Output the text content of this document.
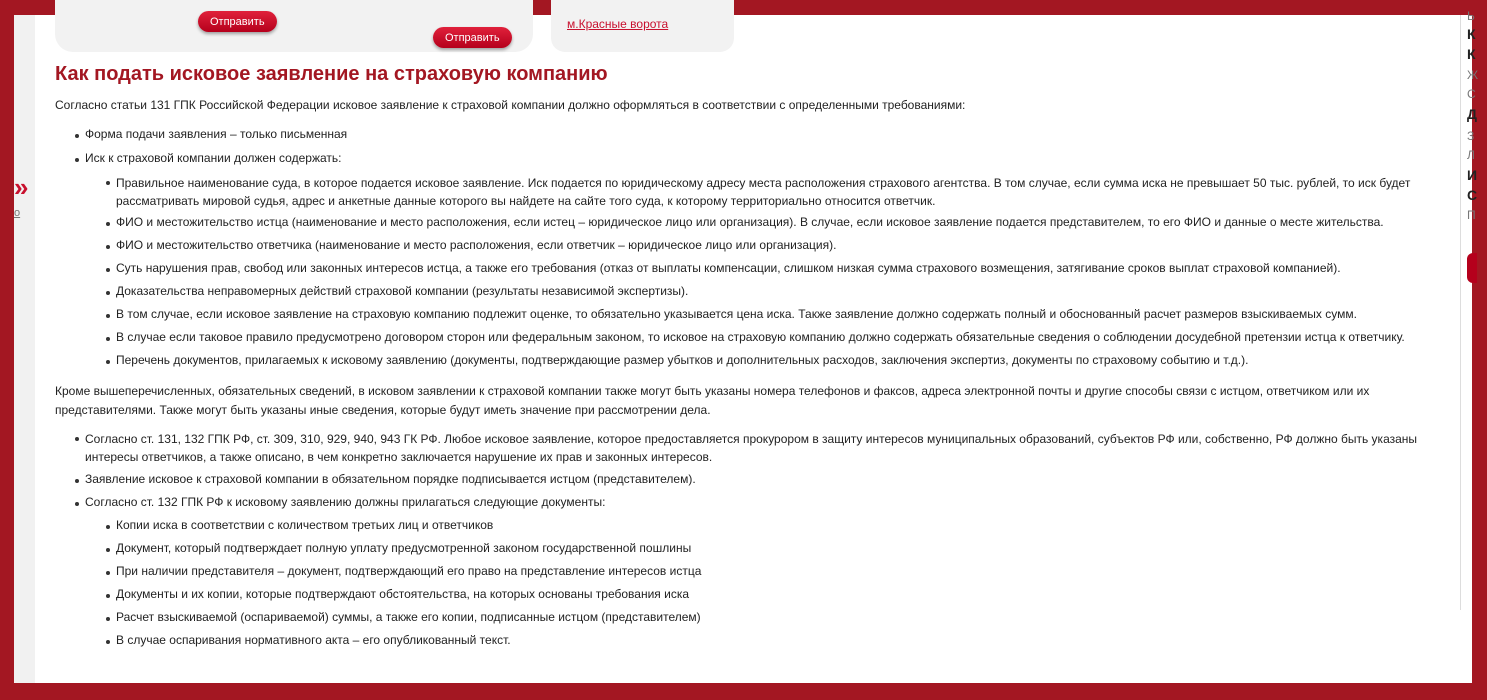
»
о
Отправить
Отправить
м.Красные ворота
Как подать исковое заявление на страховую компанию
Согласно статьи 131 ГПК Российской Федерации исковое заявление к страховой компании должно оформляться в соответствии с определенными требованиями:
Форма подачи заявления – только письменная
Иск к страховой компании должен содержать:
Правильное наименование суда, в которое подается исковое заявление. Иск подается по юридическому адресу места расположения страхового агентства. В том случае, если сумма иска не превышает 50 тыс. рублей, то иск будет
рассматривать мировой судья, адрес и анкетные данные которого вы найдете на сайте того суда, к которому территориально относится ответчик.
ФИО и местожительство истца (наименование и место расположения, если истец – юридическое лицо или организация). В случае, если исковое заявление подается представителем, то его ФИО и данные о месте жительства.
ФИО и местожительство ответчика (наименование и место расположения, если ответчик – юридическое лицо или организация).
Суть нарушения прав, свобод или законных интересов истца, а также его требования (отказ от выплаты компенсации, слишком низкая сумма страхового возмещения, затягивание сроков выплат страховой компанией).
Доказательства неправомерных действий страховой компании (результаты независимой экспертизы).
В том случае, если исковое заявление на страховую компанию подлежит оценке, то обязательно указывается цена иска. Также заявление должно содержать полный и обоснованный расчет размеров взыскиваемых сумм.
В случае если таковое правило предусмотрено договором сторон или федеральным законом, то исковое на страховую компанию должно содержать обязательные сведения о соблюдении досудебной претензии истца к ответчику.
Перечень документов, прилагаемых к исковому заявлению (документы, подтверждающие размер убытков и дополнительных расходов, заключения экспертиз, документы по страховому событию и т.д.).
Кроме вышеперечисленных, обязательных сведений, в исковом заявлении к страховой компании также могут быть указаны номера телефонов и факсов, адреса электронной почты и другие способы связи с истцом, ответчиком или их
представителями. Также могут быть указаны иные сведения, которые будут иметь значение при рассмотрении дела.
Согласно ст. 131, 132 ГПК РФ, ст. 309, 310, 929, 940, 943 ГК РФ. Любое исковое заявление, которое предоставляется прокурором в защиту интересов муниципальных образований, субъектов РФ или, собственно, РФ должно быть указаны
интересы ответчиков, а также описано, в чем конкретно заключается нарушение их прав и законных интересов.
Заявление исковое к страховой компании в обязательном порядке подписывается истцом (представителем).
Согласно ст. 132 ГПК РФ к исковому заявлению должны прилагаться следующие документы:
Копии иска в соответствии с количеством третьих лиц и ответчиков
Документ, который подтверждает полную уплату предусмотренной законом государственной пошлины
При наличии представителя – документ, подтверждающий его право на представление интересов истца
Документы и их копии, которые подтверждают обстоятельства, на которых основаны требования иска
Расчет взыскиваемой (оспариваемой) суммы, а также его копии, подписанные истцом (представителем)
В случае оспаривания нормативного акта – его опубликованный текст.
Ь
К
К
Ж
С
Д
З
Л
И
С
П
